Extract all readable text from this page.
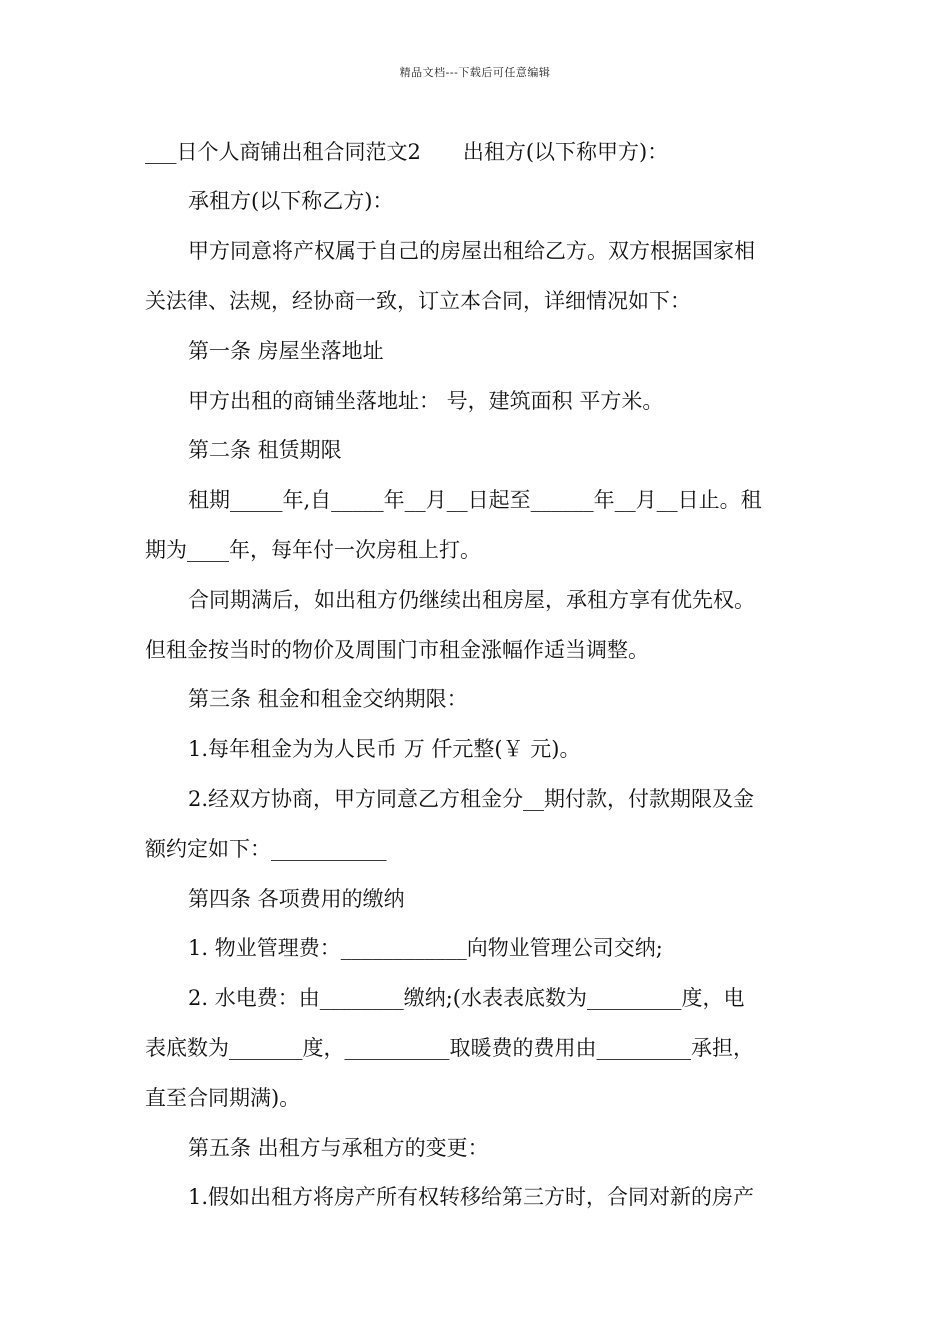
精品文档---下载后可任意编辑
___日个人商铺出租合同范文2　　出租方(以下称甲方)：
承租方(以下称乙方)：
甲方同意将产权属于自己的房屋出租给乙方。双方根据国家相
关法律、法规，经协商一致，订立本合同，详细情况如下：
第一条 房屋坐落地址
甲方出租的商铺坐落地址： 号，建筑面积 平方米。
第二条 租赁期限
租期_____年,自_____年__月__日起至______年__月__日止。租
期为____年，每年付一次房租上打。
合同期满后，如出租方仍继续出租房屋，承租方享有优先权。
但租金按当时的物价及周围门市租金涨幅作适当调整。
第三条 租金和租金交纳期限：
1.每年租金为为人民币 万 仟元整(￥ 元)。
2.经双方协商，甲方同意乙方租金分__期付款，付款期限及金
额约定如下：___________
第四条 各项费用的缴纳
1. 物业管理费：____________向物业管理公司交纳;
2. 水电费：由________缴纳;(水表表底数为_________度，电
表底数为_______度，__________取暖费的费用由_________承担，
直至合同期满)。
第五条 出租方与承租方的变更：
1.假如出租方将房产所有权转移给第三方时，合同对新的房产
